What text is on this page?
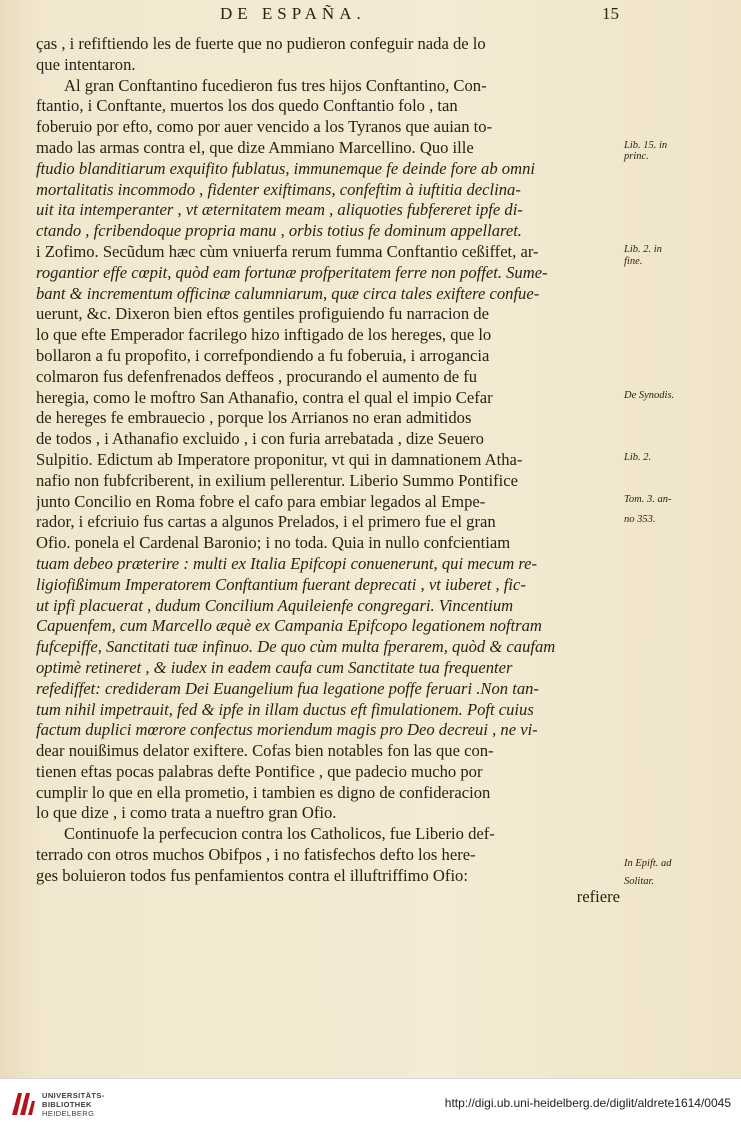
DE ESPAÑA.	15
ças , i refiftiendo les de fuerte que no pudieron confeguir nada de lo
que intentaron.
Al gran Conftantino fucedieron fus tres hijos Conftantino, Con-
ftantio, i Conftante, muertos los dos quedo Conftantio folo , tan
foberuio por efto, como por auer vencido a los Tyranos que auian to-
mado las armas contra el, que dize Ammiano Marcellino. Quo ille
ftudio blanditiarum exquifito fublatus, immunemque fe deinde fore ab omni
mortalitatis incommodo , fidenter exiftimans, confeftim à iuftitia declina-
uit ita intemperanter , vt æternitatem meam , aliquoties fubfereret ipfe di-
ctando , fcribendoque propria manu , orbis totius fe dominum appellaret.
i Zofimo. Secũdum hæc cùm vniuerfa rerum fumma Conftantio ceßiffet, ar-
rogantior effe cœpit, quòd eam fortunæ profperitatem ferre non poffet. Sume-
bant & incrementum officinæ calumniarum, quæ circa tales exiftere confue-
uerunt, &c. Dixeron bien eftos gentiles profiguiendo fu narracion de
lo que efte Emperador facrilego hizo inftigado de los hereges, que lo
bollaron a fu propofito, i correfpondiendo a fu foberuia, i arrogancia
colmaron fus defenfrenados deffeos , procurando el aumento de fu
heregia, como le moftro San Athanafio, contra el qual el impio Cefar
de hereges fe embrauecio , porque los Arrianos no eran admitidos
de todos , i Athanafio excluido , i con furia arrebatada , dize Seuero
Sulpitio. Edictum ab Imperatore proponitur, vt qui in damnationem Atha-
nafio non fubfcriberent, in exilium pellerentur. Liberio Summo Pontifice
junto Concilio en Roma fobre el cafo para embiar legados al Empe-
rador, i efcriuio fus cartas a algunos Prelados, i el primero fue el gran
Ofio. ponela el Cardenal Baronio; i no toda. Quia in nullo confcientiam
tuam debeo præterire : multi ex Italia Epifcopi conuenerunt, qui mecum re-
ligiofißimum Imperatorem Conftantium fuerant deprecati , vt iuberet , fic-
ut ipfi placuerat , dudum Concilium Aquileienfe congregari. Vincentium
Capuenfem, cum Marcello æquè ex Campania Epifcopo legationem noftram
fufcepiffe, Sanctitati tuæ infinuo. De quo cùm multa fperarem, quòd & caufam
optimè retineret , & iudex in eadem caufa cum Sanctitate tua frequenter
refediffet: credideram Dei Euangelium fua legatione poffe feruari .Non tan-
tum nihil impetrauit, fed & ipfe in illam ductus eft fimulationem. Poft cuius
factum duplici mœrore confectus moriendum magis pro Deo decreui , ne vi-
dear nouißimus delator exiftere. Cofas bien notables fon las que con-
tienen eftas pocas palabras defte Pontifice , que padecio mucho por
cumplir lo que en ella prometio, i tambien es digno de confideracion
lo que dize , i como trata a nueftro gran Ofio.
Continuofe la perfecucion contra los Catholicos, fue Liberio def-
terrado con otros muchos Obifpos , i no fatisfechos defto los here-
ges boluieron todos fus penfamientos contra el illuftriffimo Ofio:
refiere
Lib. 15. in
princ.
Lib. 2. in
fine.
De Synodis.
Lib. 2.
Tom. 3. an-
no 353.
In Epift. ad
Solitar.
UNIVERSITÄTS-
BIBLIOTHEK
HEIDELBERG
http://digi.ub.uni-heidelberg.de/diglit/aldrete1614/0045
